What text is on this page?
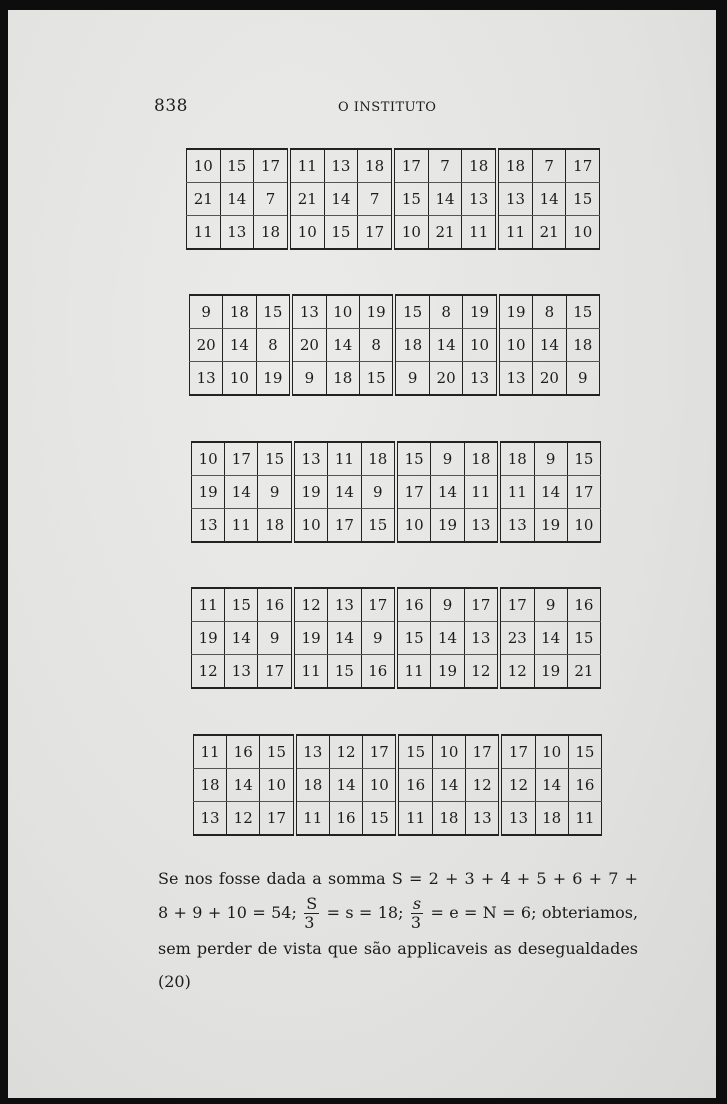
838	O INSTITUTO
10	15	17	11	13	18	17	7	18	18	7	17
21	14	7	21	14	7	15	14	13	13	14	15
11	13	18	10	15	17	10	21	11	11	21	10
9	18	15	13	10	19	15	8	19	19	8	15
20	14	8	20	14	8	18	14	10	10	14	18
13	10	19	9	18	15	9	20	13	13	20	9
10	17	15	13	11	18	15	9	18	18	9	15
19	14	9	19	14	9	17	14	11	11	14	17
13	11	18	10	17	15	10	19	13	13	19	10
11	15	16	12	13	17	16	9	17	17	9	16
19	14	9	19	14	9	15	14	13	23	14	15
12	13	17	11	15	16	11	19	12	12	19	21
11	16	15	13	12	17	15	10	17	17	10	15
18	14	10	18	14	10	16	14	12	12	14	16
13	12	17	11	16	15	11	18	13	13	18	11

Se nos fosse dada a somma S = 2 + 3 + 4 + 5 + 6 + 7 +

8 + 9 + 10 = 54; $\frac{S}{3} = s = 18$; $\frac{s}{3} = e = N = 6$; obteriamos,

sem perder de vista que são applicaveis as desegualdades (20)
